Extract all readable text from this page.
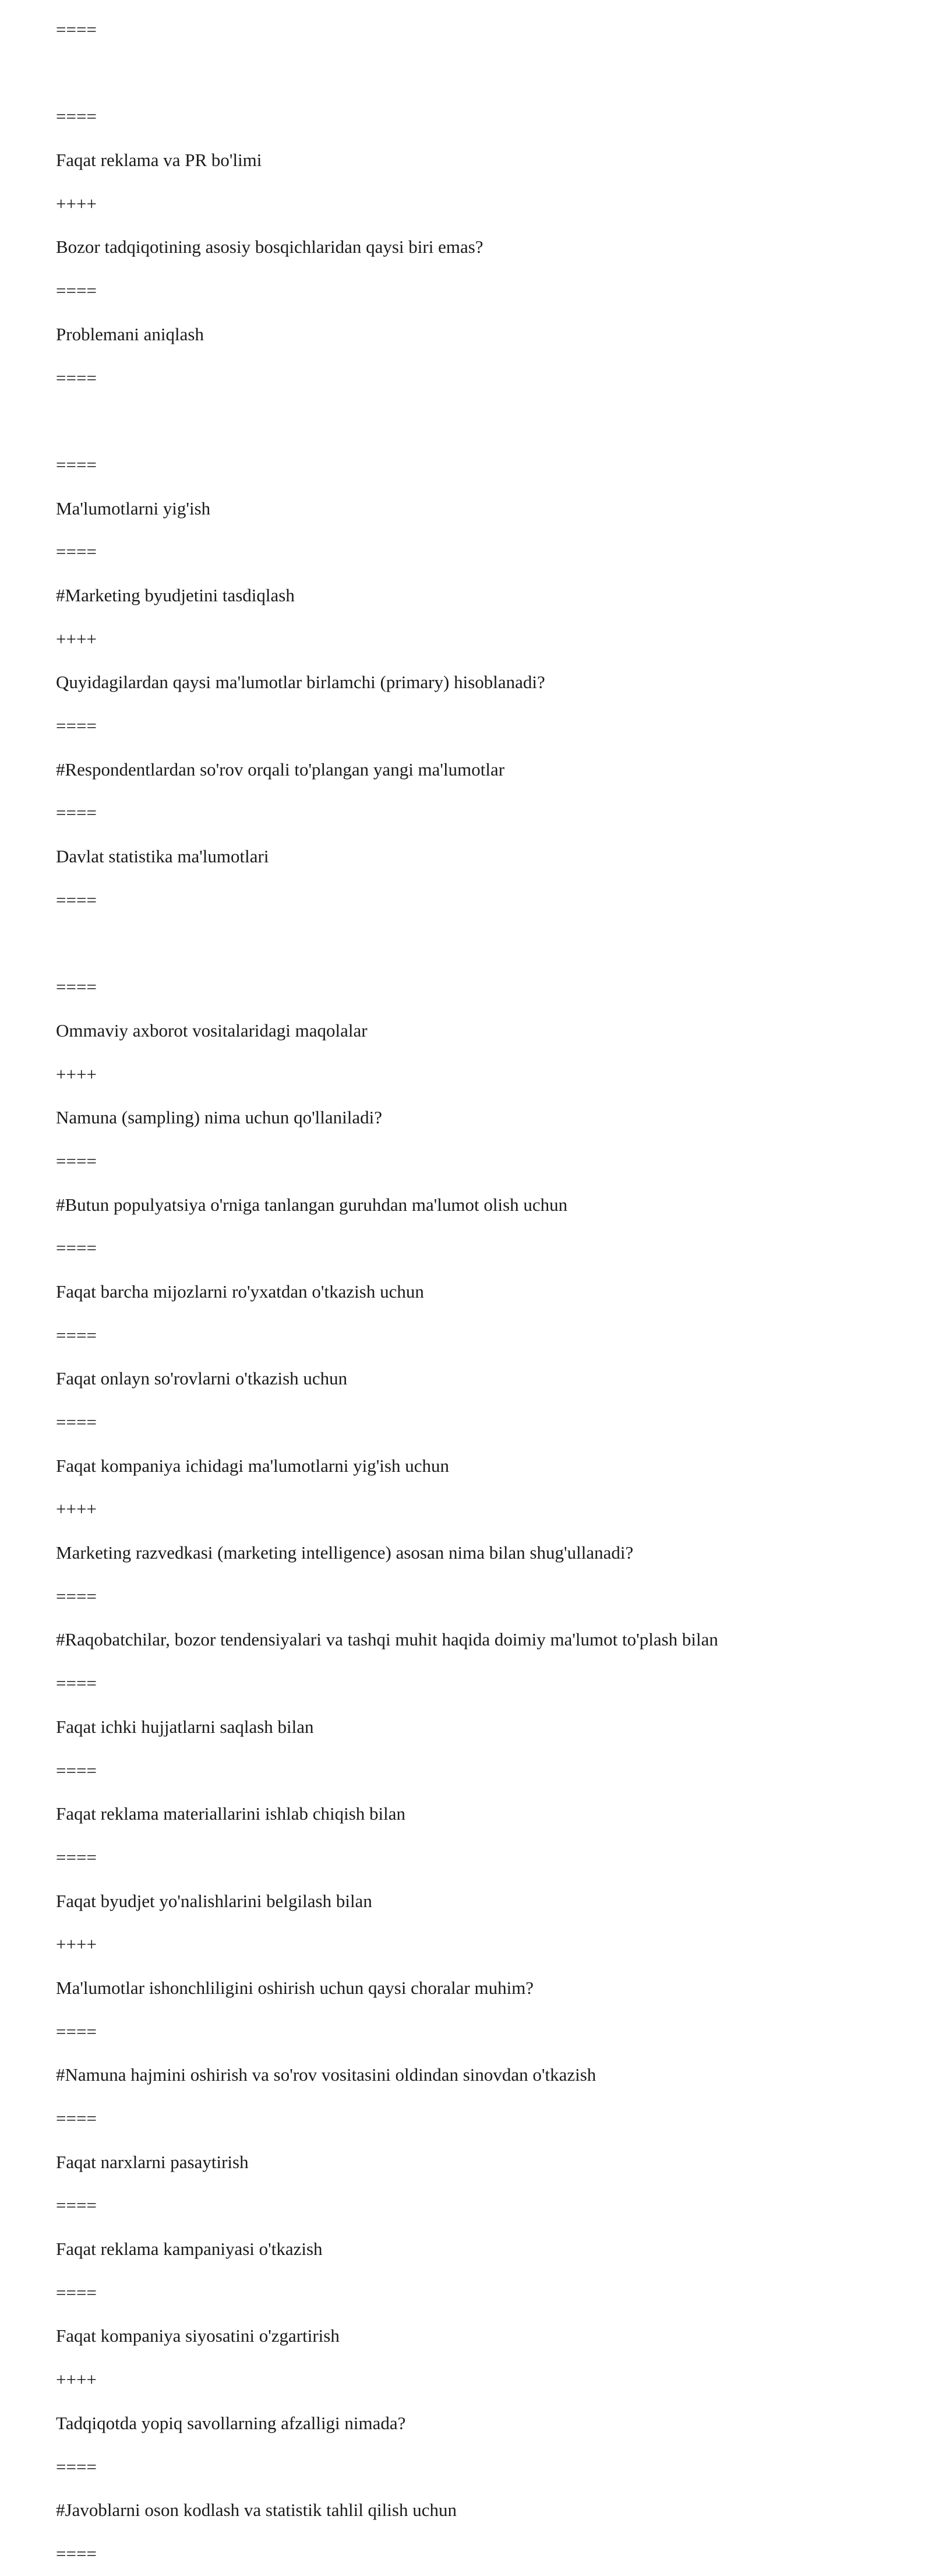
====

====

Faqat reklama va PR bo'limi

++++

Bozor tadqiqotining asosiy bosqichlaridan qaysi biri emas?

====

Problemani aniqlash

====

====

Ma'lumotlarni yig'ish

====

#Marketing byudjetini tasdiqlash

++++

Quyidagilardan qaysi ma'lumotlar birlamchi (primary) hisoblanadi?

====

#Respondentlardan so'rov orqali to'plangan yangi ma'lumotlar

====

Davlat statistika ma'lumotlari

====

====

Ommaviy axborot vositalaridagi maqolalar

++++

Namuna (sampling) nima uchun qo'llaniladi?

====

#Butun populyatsiya o'rniga tanlangan guruhdan ma'lumot olish uchun

====

Faqat barcha mijozlarni ro'yxatdan o'tkazish uchun

====

Faqat onlayn so'rovlarni o'tkazish uchun

====

Faqat kompaniya ichidagi ma'lumotlarni yig'ish uchun

++++

Marketing razvedkasi (marketing intelligence) asosan nima bilan shug'ullanadi?

====

#Raqobatchilar, bozor tendensiyalari va tashqi muhit haqida doimiy ma'lumot to'plash bilan

====

Faqat ichki hujjatlarni saqlash bilan

====

Faqat reklama materiallarini ishlab chiqish bilan

====

Faqat byudjet yo'nalishlarini belgilash bilan

++++

Ma'lumotlar ishonchliligini oshirish uchun qaysi choralar muhim?

====

#Namuna hajmini oshirish va so'rov vositasini oldindan sinovdan o'tkazish

====

Faqat narxlarni pasaytirish

====

Faqat reklama kampaniyasi o'tkazish

====

Faqat kompaniya siyosatini o'zgartirish

++++

Tadqiqotda yopiq savollarning afzalligi nimada?

====

#Javoblarni oson kodlash va statistik tahlil qilish uchun

====
